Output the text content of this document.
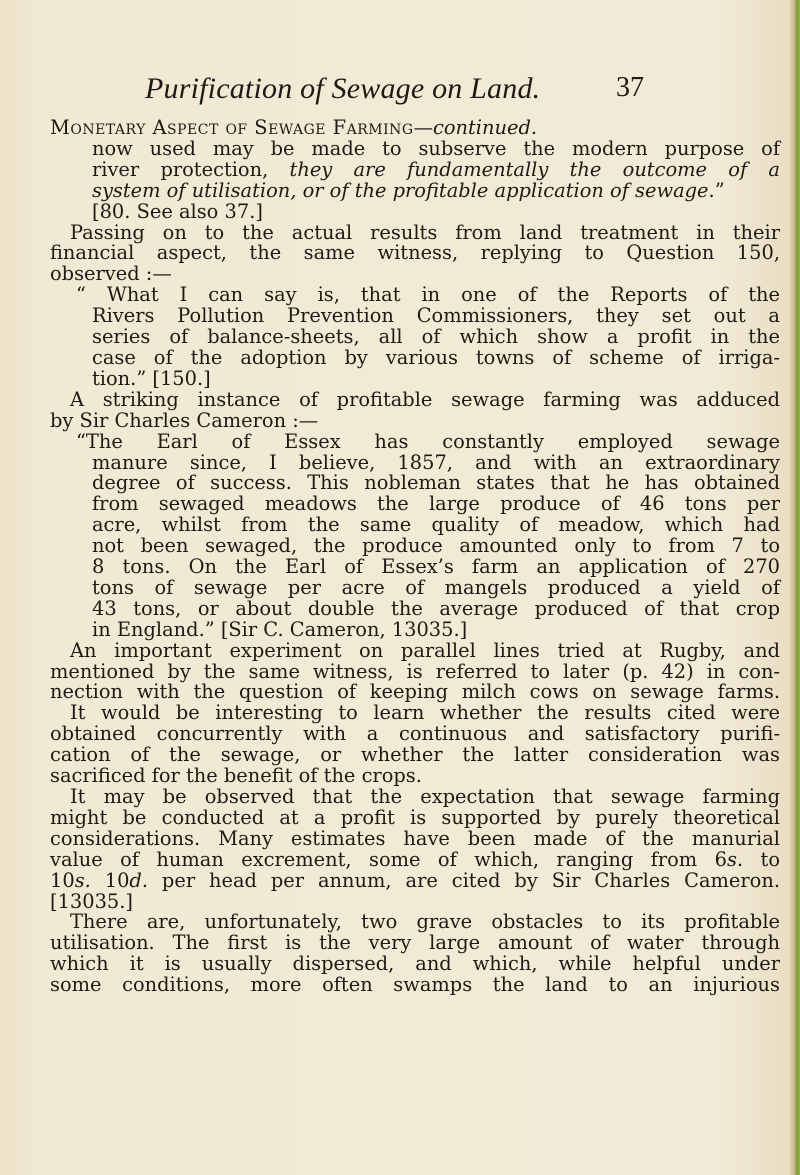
Purification of Sewage on Land.	37
Monetary Aspect of Sewage Farming—continued.
now used may be made to subserve the modern purpose of
river protection, they are fundamentally the outcome of a
system of utilisation, or of the profitable application of sewage.”
[80. See also 37.]
Passing on to the actual results from land treatment in their
financial aspect, the same witness, replying to Question 150,
observed :—
“ What I can say is, that in one of the Reports of the
Rivers Pollution Prevention Commissioners, they set out a
series of balance-sheets, all of which show a profit in the
case of the adoption by various towns of scheme of irriga-
tion.” [150.]
A striking instance of profitable sewage farming was adduced
by Sir Charles Cameron :—
“The Earl of Essex has constantly employed sewage
manure since, I believe, 1857, and with an extraordinary
degree of success. This nobleman states that he has obtained
from sewaged meadows the large produce of 46 tons per
acre, whilst from the same quality of meadow, which had
not been sewaged, the produce amounted only to from 7 to
8 tons. On the Earl of Essex’s farm an application of 270
tons of sewage per acre of mangels produced a yield of
43 tons, or about double the average produced of that crop
in England.” [Sir C. Cameron, 13035.]
An important experiment on parallel lines tried at Rugby, and
mentioned by the same witness, is referred to later (p. 42) in con-
nection with the question of keeping milch cows on sewage farms.
It would be interesting to learn whether the results cited were
obtained concurrently with a continuous and satisfactory purifi-
cation of the sewage, or whether the latter consideration was
sacrificed for the benefit of the crops.
It may be observed that the expectation that sewage farming
might be conducted at a profit is supported by purely theoretical
considerations. Many estimates have been made of the manurial
value of human excrement, some of which, ranging from 6s. to
10s. 10d. per head per annum, are cited by Sir Charles Cameron.
[13035.]
There are, unfortunately, two grave obstacles to its profitable
utilisation. The first is the very large amount of water through
which it is usually dispersed, and which, while helpful under
some conditions, more often swamps the land to an injurious
